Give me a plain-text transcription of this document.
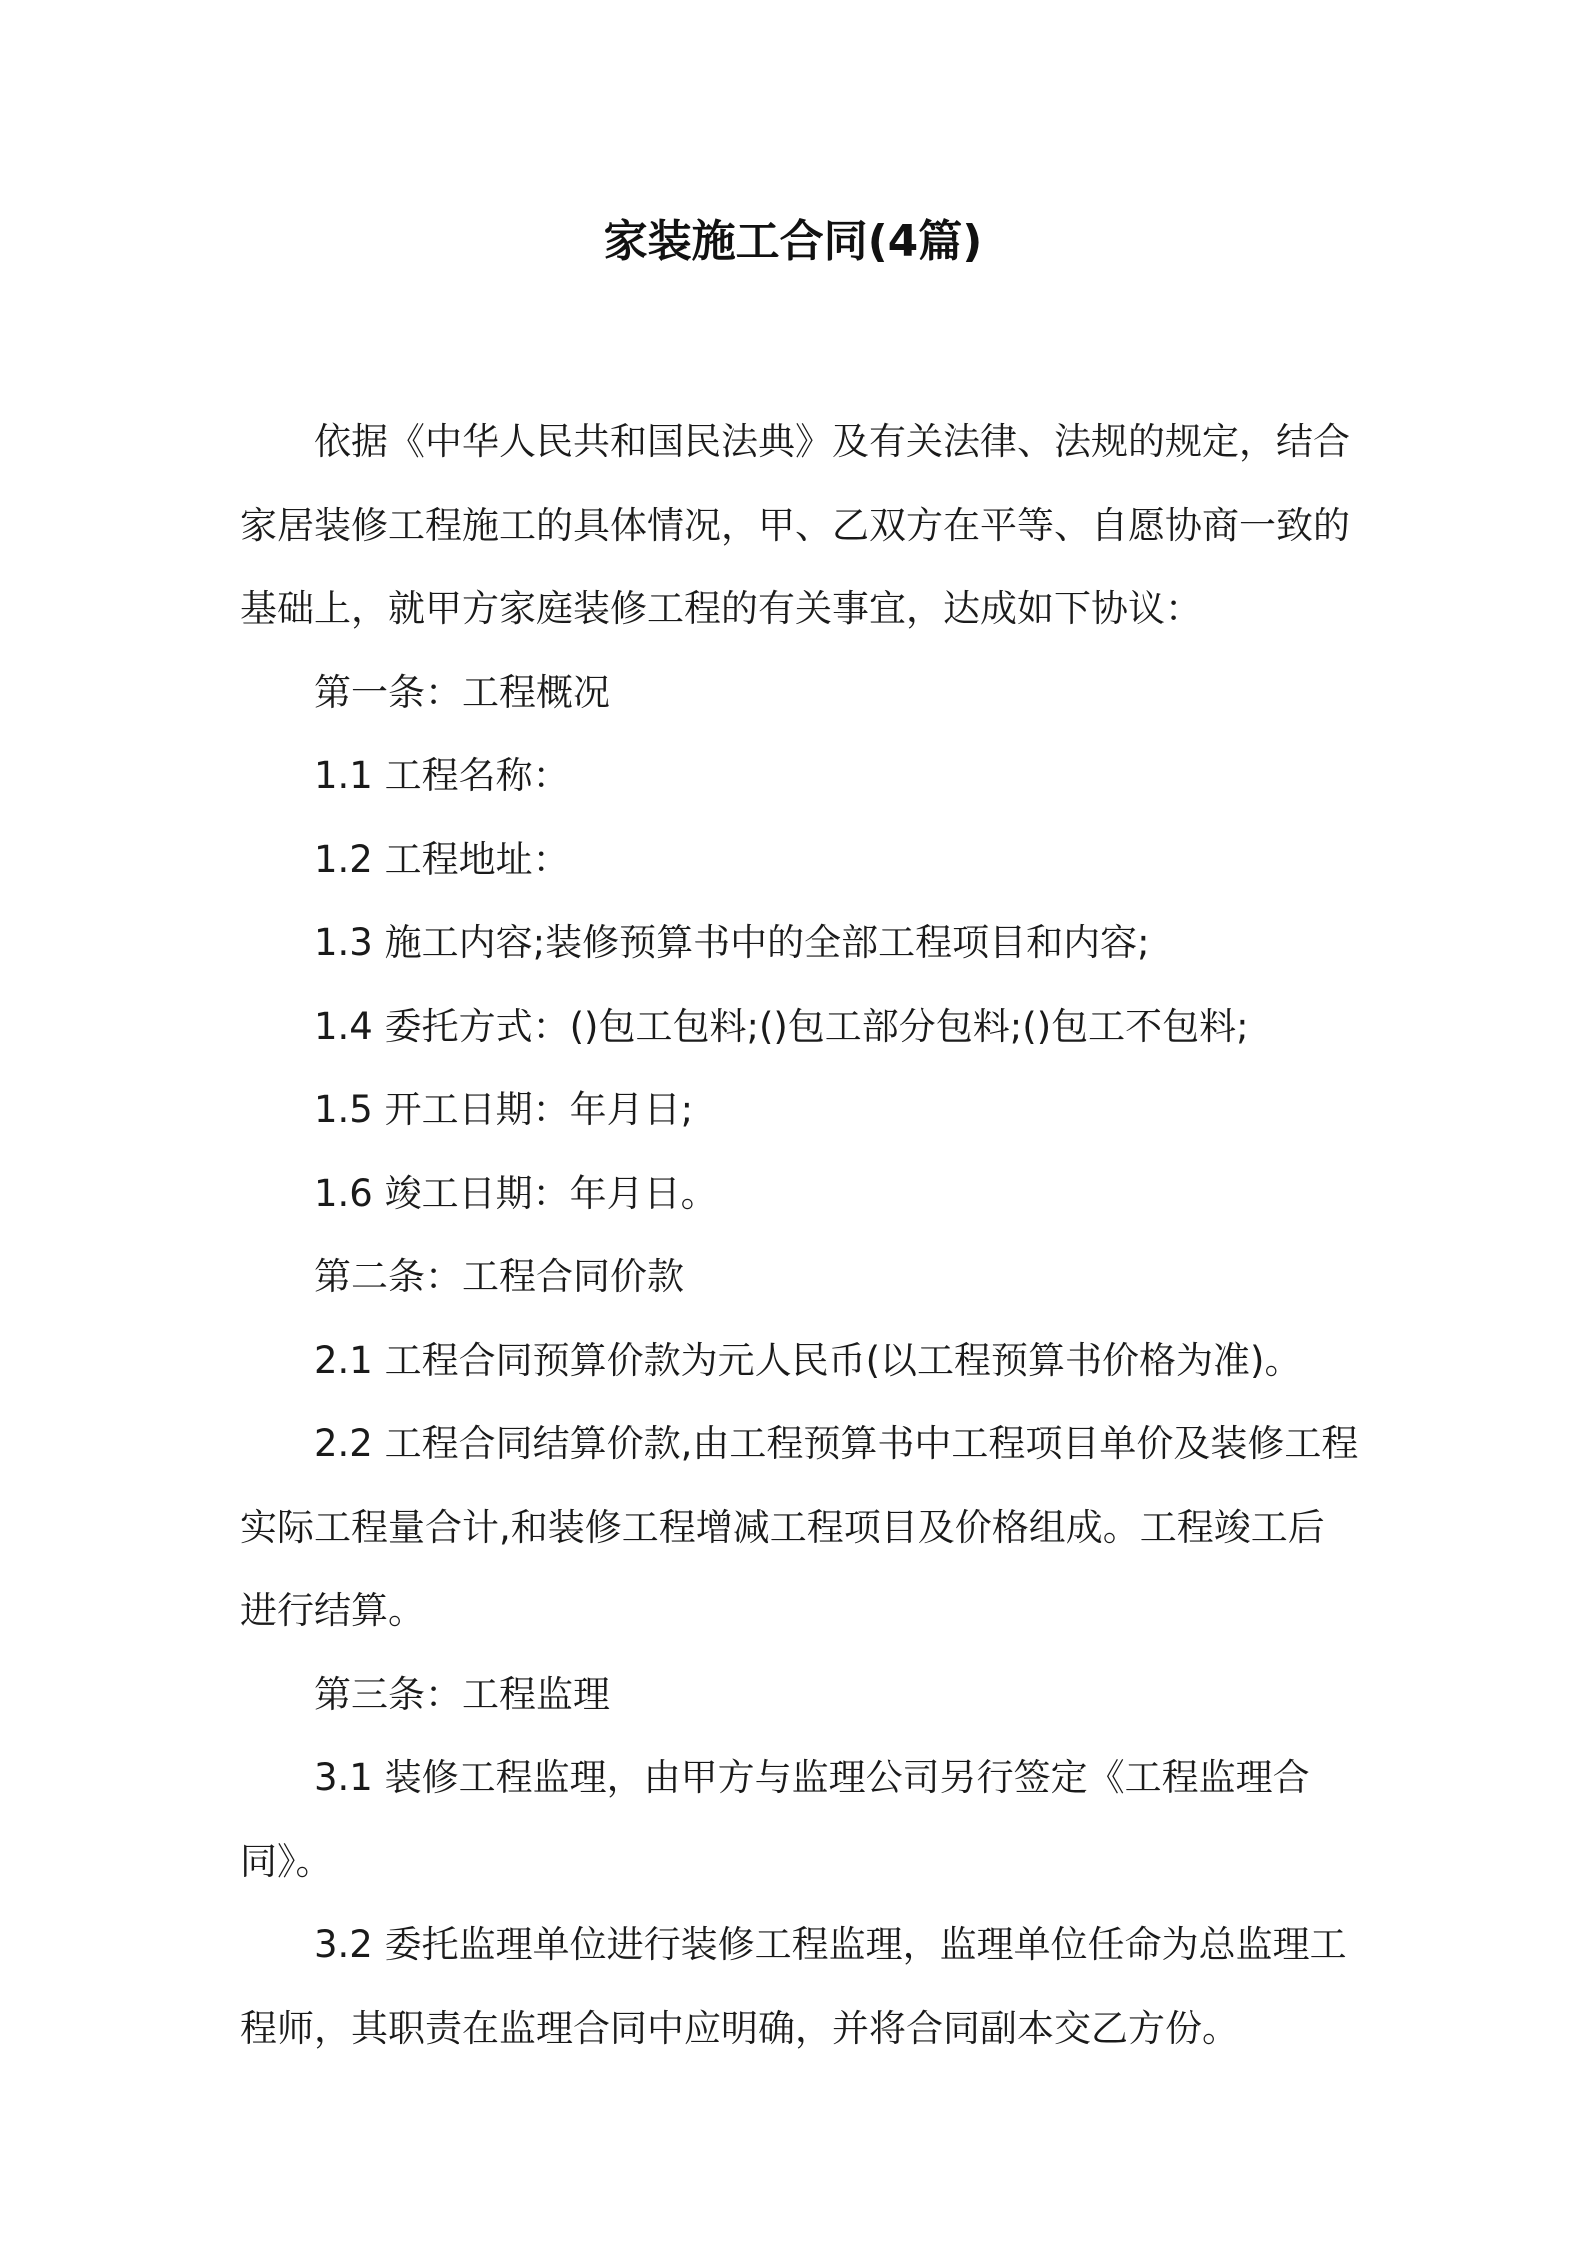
家装施工合同(4篇)

依据《中华人民共和国民法典》及有关法律、法规的规定，结合家居装修工程施工的具体情况，甲、乙双方在平等、自愿协商一致的基础上，就甲方家庭装修工程的有关事宜，达成如下协议：

第一条：工程概况

1.1 工程名称：

1.2 工程地址：

1.3 施工内容;装修预算书中的全部工程项目和内容;

1.4 委托方式：()包工包料;()包工部分包料;()包工不包料;

1.5 开工日期：年月日;

1.6 竣工日期：年月日。

第二条：工程合同价款

2.1 工程合同预算价款为元人民币(以工程预算书价格为准)。

2.2 工程合同结算价款,由工程预算书中工程项目单价及装修工程实际工程量合计,和装修工程增减工程项目及价格组成。工程竣工后进行结算。

第三条：工程监理

3.1 装修工程监理，由甲方与监理公司另行签定《工程监理合同》。

3.2 委托监理单位进行装修工程监理，监理单位任命为总监理工程师，其职责在监理合同中应明确，并将合同副本交乙方份。
